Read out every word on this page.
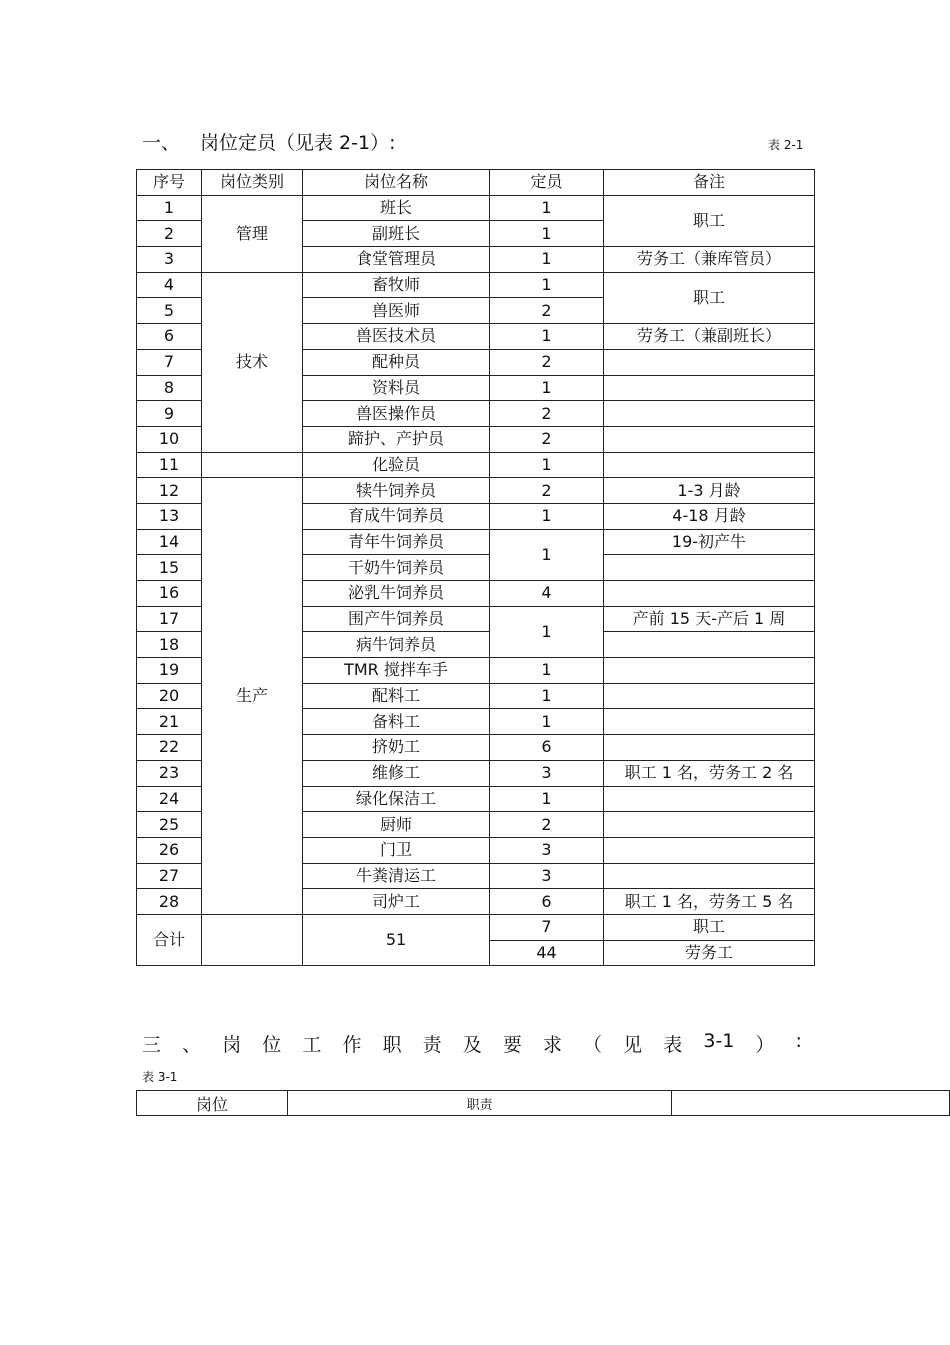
一、 岗位定员（见表 2-1）:	表 2-1
序号	岗位类别	岗位名称	定员	备注
1	管理	班长	1	职工
2		副班长	1	
3		食堂管理员	1	劳务工（兼库管员）
4	技术	畜牧师	1	职工
5		兽医师	2	
6		兽医技术员	1	劳务工（兼副班长）
7		配种员	2	
8		资料员	1	
9		兽医操作员	2	
10		蹄护、产护员	2	
11		化验员	1	
12	生产	犊牛饲养员	2	1-3 月龄
13		育成牛饲养员	1	4-18 月龄
14		青年牛饲养员	1	19-初产牛
15		干奶牛饲养员		
16		泌乳牛饲养员	4	
17		围产牛饲养员	1	产前 15 天-产后 1 周
18		病牛饲养员		
19		TMR 搅拌车手	1	
20		配料工	1	
21		备料工	1	
22		挤奶工	6	
23		维修工	3	职工 1 名，劳务工 2 名
24		绿化保洁工	1	
25		厨师	2	
26		门卫	3	
27		牛粪清运工	3	
28		司炉工	6	职工 1 名，劳务工 5 名
合计		51	7	职工
			44	劳务工
三 、 岗 位 工 作 职 责 及 要 求 （ 见 表 3-1 ） :
表 3-1
岗位	职责	
